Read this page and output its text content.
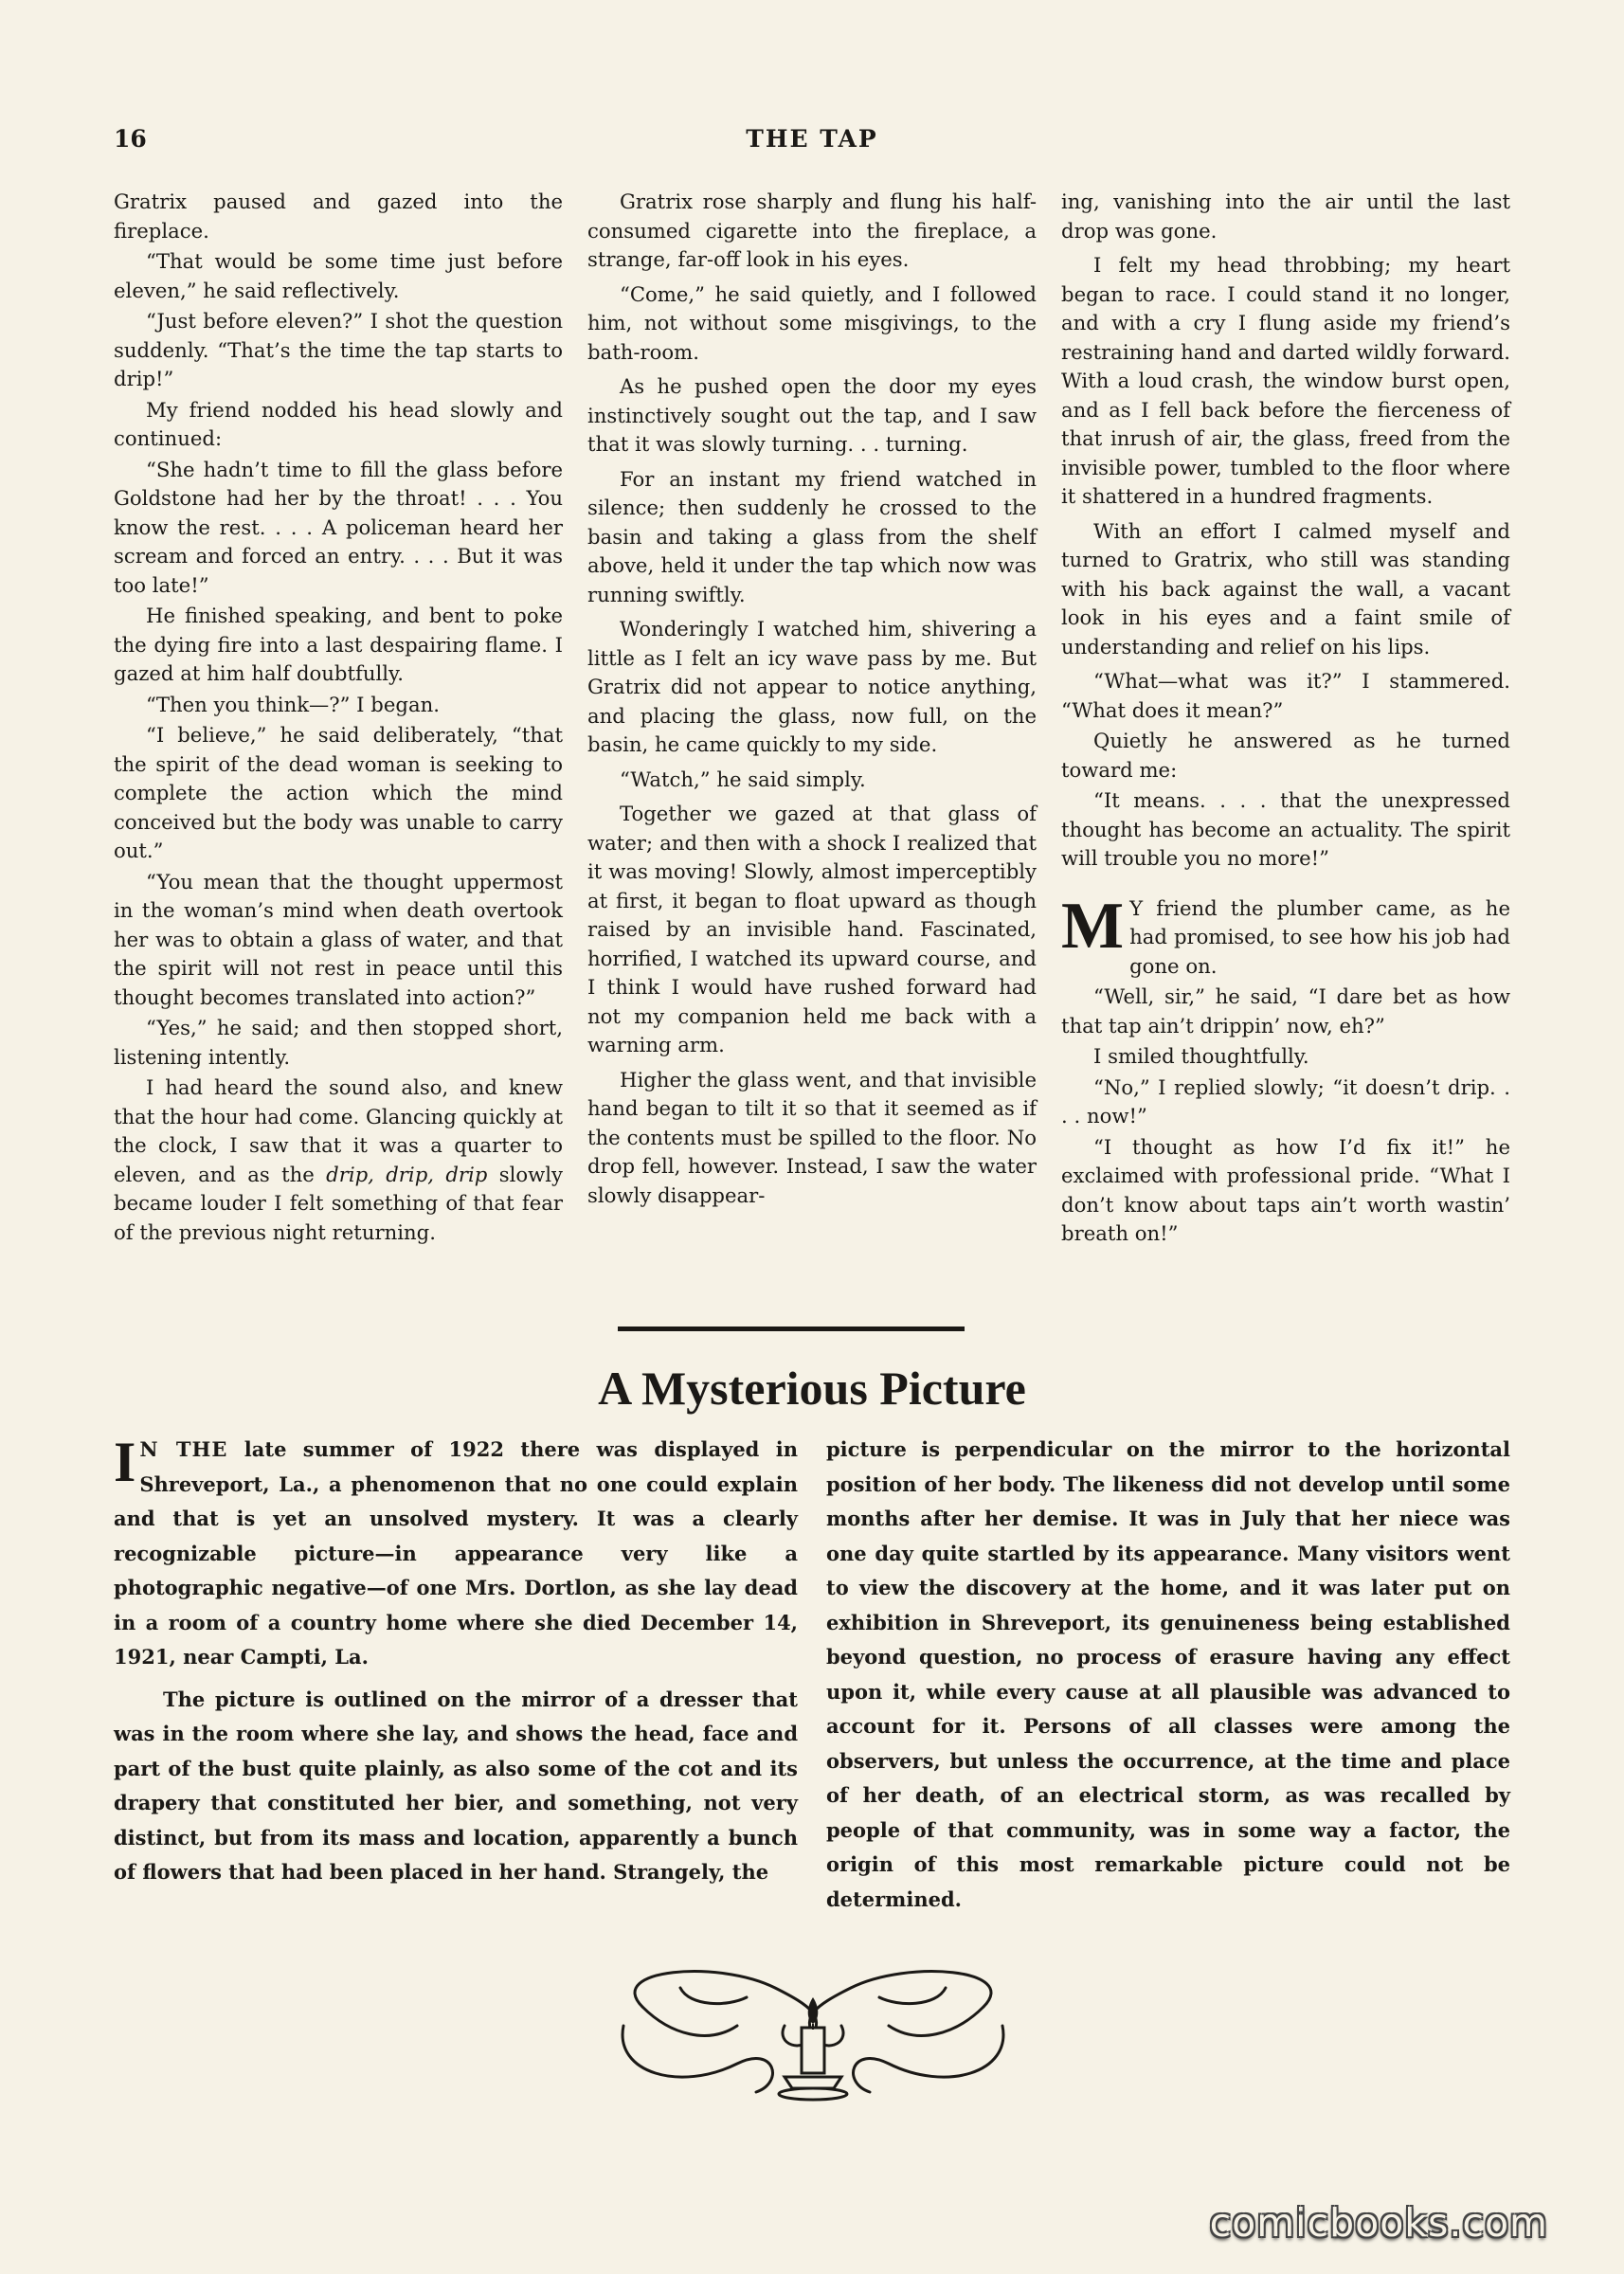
16	THE TAP

Gratrix paused and gazed into the fireplace.

“That would be some time just before eleven,” he said reflectively.

“Just before eleven?” I shot the question suddenly. “That’s the time the tap starts to drip!”

My friend nodded his head slowly and continued:

“She hadn’t time to fill the glass before Goldstone had her by the throat! . . . You know the rest. . . . A policeman heard her scream and forced an entry. . . . But it was too late!”

He finished speaking, and bent to poke the dying fire into a last despairing flame. I gazed at him half doubtfully.

“Then you think—?” I began.

“I believe,” he said deliberately, “that the spirit of the dead woman is seeking to complete the action which the mind conceived but the body was unable to carry out.”

“You mean that the thought uppermost in the woman’s mind when death overtook her was to obtain a glass of water, and that the spirit will not rest in peace until this thought becomes translated into action?”

“Yes,” he said; and then stopped short, listening intently.

I had heard the sound also, and knew that the hour had come. Glancing quickly at the clock, I saw that it was a quarter to eleven, and as the drip, drip, drip slowly became louder I felt something of that fear of the previous night returning.

Gratrix rose sharply and flung his half-consumed cigarette into the fireplace, a strange, far-off look in his eyes.

“Come,” he said quietly, and I followed him, not without some misgivings, to the bath-room.

As he pushed open the door my eyes instinctively sought out the tap, and I saw that it was slowly turning. . . turning.

For an instant my friend watched in silence; then suddenly he crossed to the basin and taking a glass from the shelf above, held it under the tap which now was running swiftly.

Wonderingly I watched him, shivering a little as I felt an icy wave pass by me. But Gratrix did not appear to notice anything, and placing the glass, now full, on the basin, he came quickly to my side.

“Watch,” he said simply.

Together we gazed at that glass of water; and then with a shock I realized that it was moving! Slowly, almost imperceptibly at first, it began to float upward as though raised by an invisible hand. Fascinated, horrified, I watched its upward course, and I think I would have rushed forward had not my companion held me back with a warning arm.

Higher the glass went, and that invisible hand began to tilt it so that it seemed as if the contents must be spilled to the floor. No drop fell, however. Instead, I saw the water slowly disappear-

ing, vanishing into the air until the last drop was gone.

I felt my head throbbing; my heart began to race. I could stand it no longer, and with a cry I flung aside my friend’s restraining hand and darted wildly forward. With a loud crash, the window burst open, and as I fell back before the fierceness of that inrush of air, the glass, freed from the invisible power, tumbled to the floor where it shattered in a hundred fragments.

With an effort I calmed myself and turned to Gratrix, who still was standing with his back against the wall, a vacant look in his eyes and a faint smile of understanding and relief on his lips.

“What—what was it?” I stammered. “What does it mean?”

Quietly he answered as he turned toward me:

“It means. . . . that the unexpressed thought has become an actuality. The spirit will trouble you no more!”

M Y friend the plumber came, as he had promised, to see how his job had gone on.

“Well, sir,” he said, “I dare bet as how that tap ain’t drippin’ now, eh?”

I smiled thoughtfully.

“No,” I replied slowly; “it doesn’t drip. . . . now!”

“I thought as how I’d fix it!” he exclaimed with professional pride. “What I don’t know about taps ain’t worth wastin’ breath on!”

A Mysterious Picture

I N THE late summer of 1922 there was displayed in Shreveport, La., a phenomenon that no one could explain and that is yet an unsolved mystery. It was a clearly recognizable picture—in appearance very like a photographic negative—of one Mrs. Dortlon, as she lay dead in a room of a country home where she died December 14, 1921, near Campti, La.

The picture is outlined on the mirror of a dresser that was in the room where she lay, and shows the head, face and part of the bust quite plainly, as also some of the cot and its drapery that constituted her bier, and something, not very distinct, but from its mass and location, apparently a bunch of flowers that had been placed in her hand. Strangely, the

picture is perpendicular on the mirror to the horizontal position of her body. The likeness did not develop until some months after her demise. It was in July that her niece was one day quite startled by its appearance. Many visitors went to view the discovery at the home, and it was later put on exhibition in Shreveport, its genuineness being established beyond question, no process of erasure having any effect upon it, while every cause at all plausible was advanced to account for it. Persons of all classes were among the observers, but unless the occurrence, at the time and place of her death, of an electrical storm, as was recalled by people of that community, was in some way a factor, the origin of this most remarkable picture could not be determined.

comicbooks.com
